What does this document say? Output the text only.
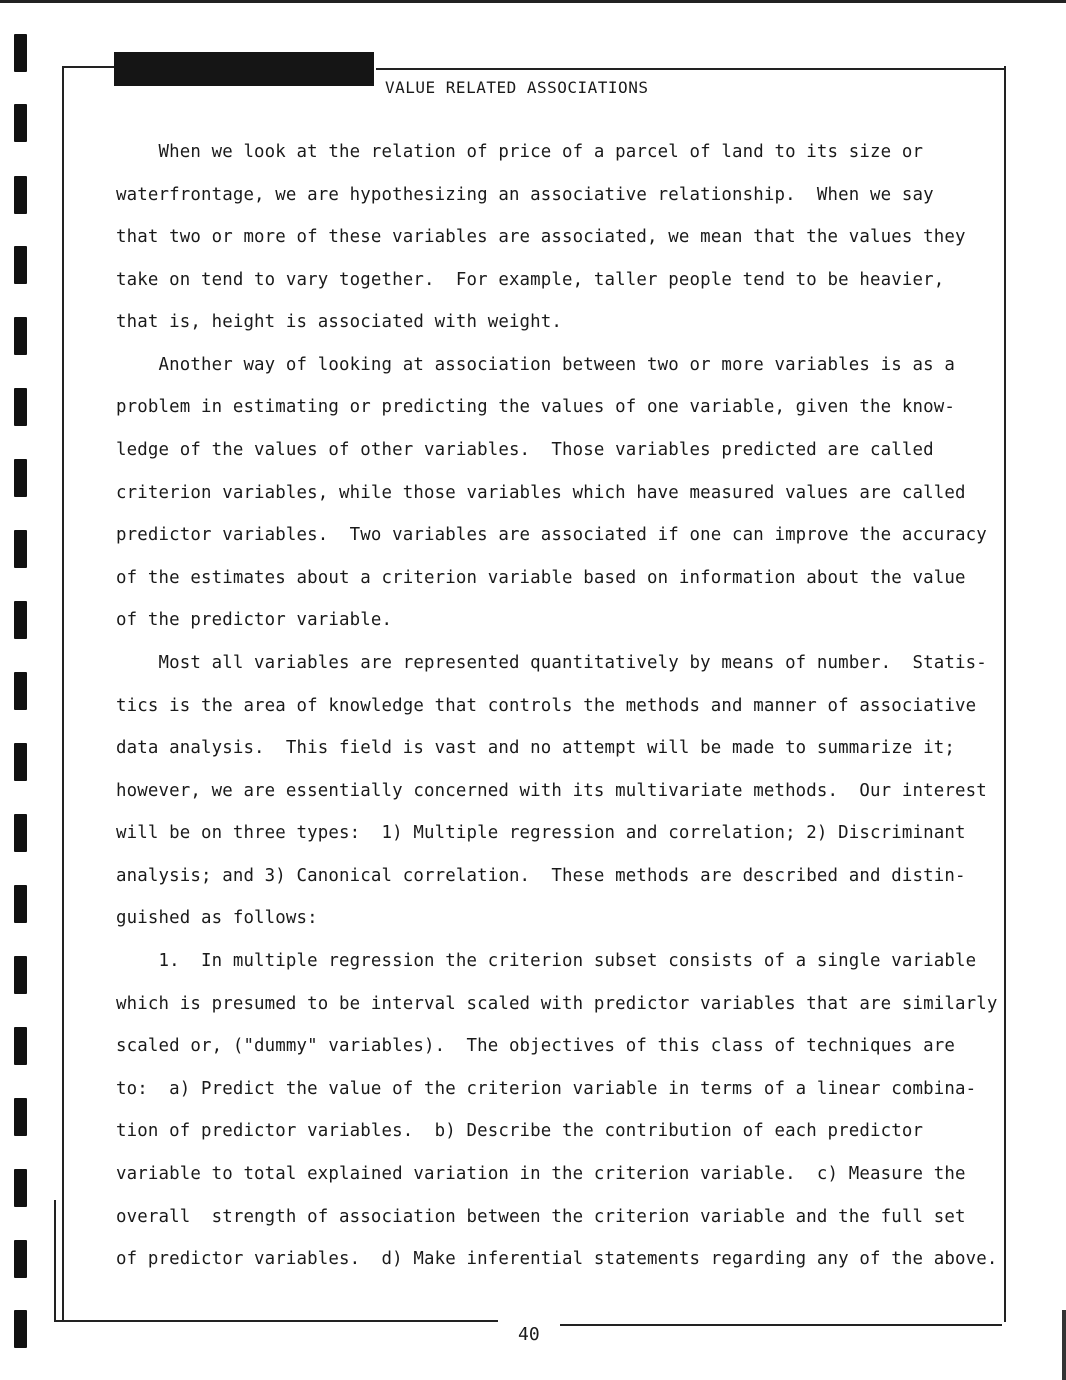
VALUE RELATED ASSOCIATIONS
When we look at the relation of price of a parcel of land to its size or
waterfrontage, we are hypothesizing an associative relationship.  When we say
that two or more of these variables are associated, we mean that the values they
take on tend to vary together.  For example, taller people tend to be heavier,
that is, height is associated with weight.
Another way of looking at association between two or more variables is as a
problem in estimating or predicting the values of one variable, given the know-
ledge of the values of other variables.  Those variables predicted are called
criterion variables, while those variables which have measured values are called
predictor variables.  Two variables are associated if one can improve the accuracy
of the estimates about a criterion variable based on information about the value
of the predictor variable.
Most all variables are represented quantitatively by means of number.  Statis-
tics is the area of knowledge that controls the methods and manner of associative
data analysis.  This field is vast and no attempt will be made to summarize it;
however, we are essentially concerned with its multivariate methods.  Our interest
will be on three types:  1) Multiple regression and correlation; 2) Discriminant
analysis; and 3) Canonical correlation.  These methods are described and distin-
guished as follows:
1.  In multiple regression the criterion subset consists of a single variable
which is presumed to be interval scaled with predictor variables that are similarly
scaled or, ("dummy" variables).  The objectives of this class of techniques are
to:  a) Predict the value of the criterion variable in terms of a linear combina-
tion of predictor variables.  b) Describe the contribution of each predictor
variable to total explained variation in the criterion variable.  c) Measure the
overall  strength of association between the criterion variable and the full set
of predictor variables.  d) Make inferential statements regarding any of the above.
40
